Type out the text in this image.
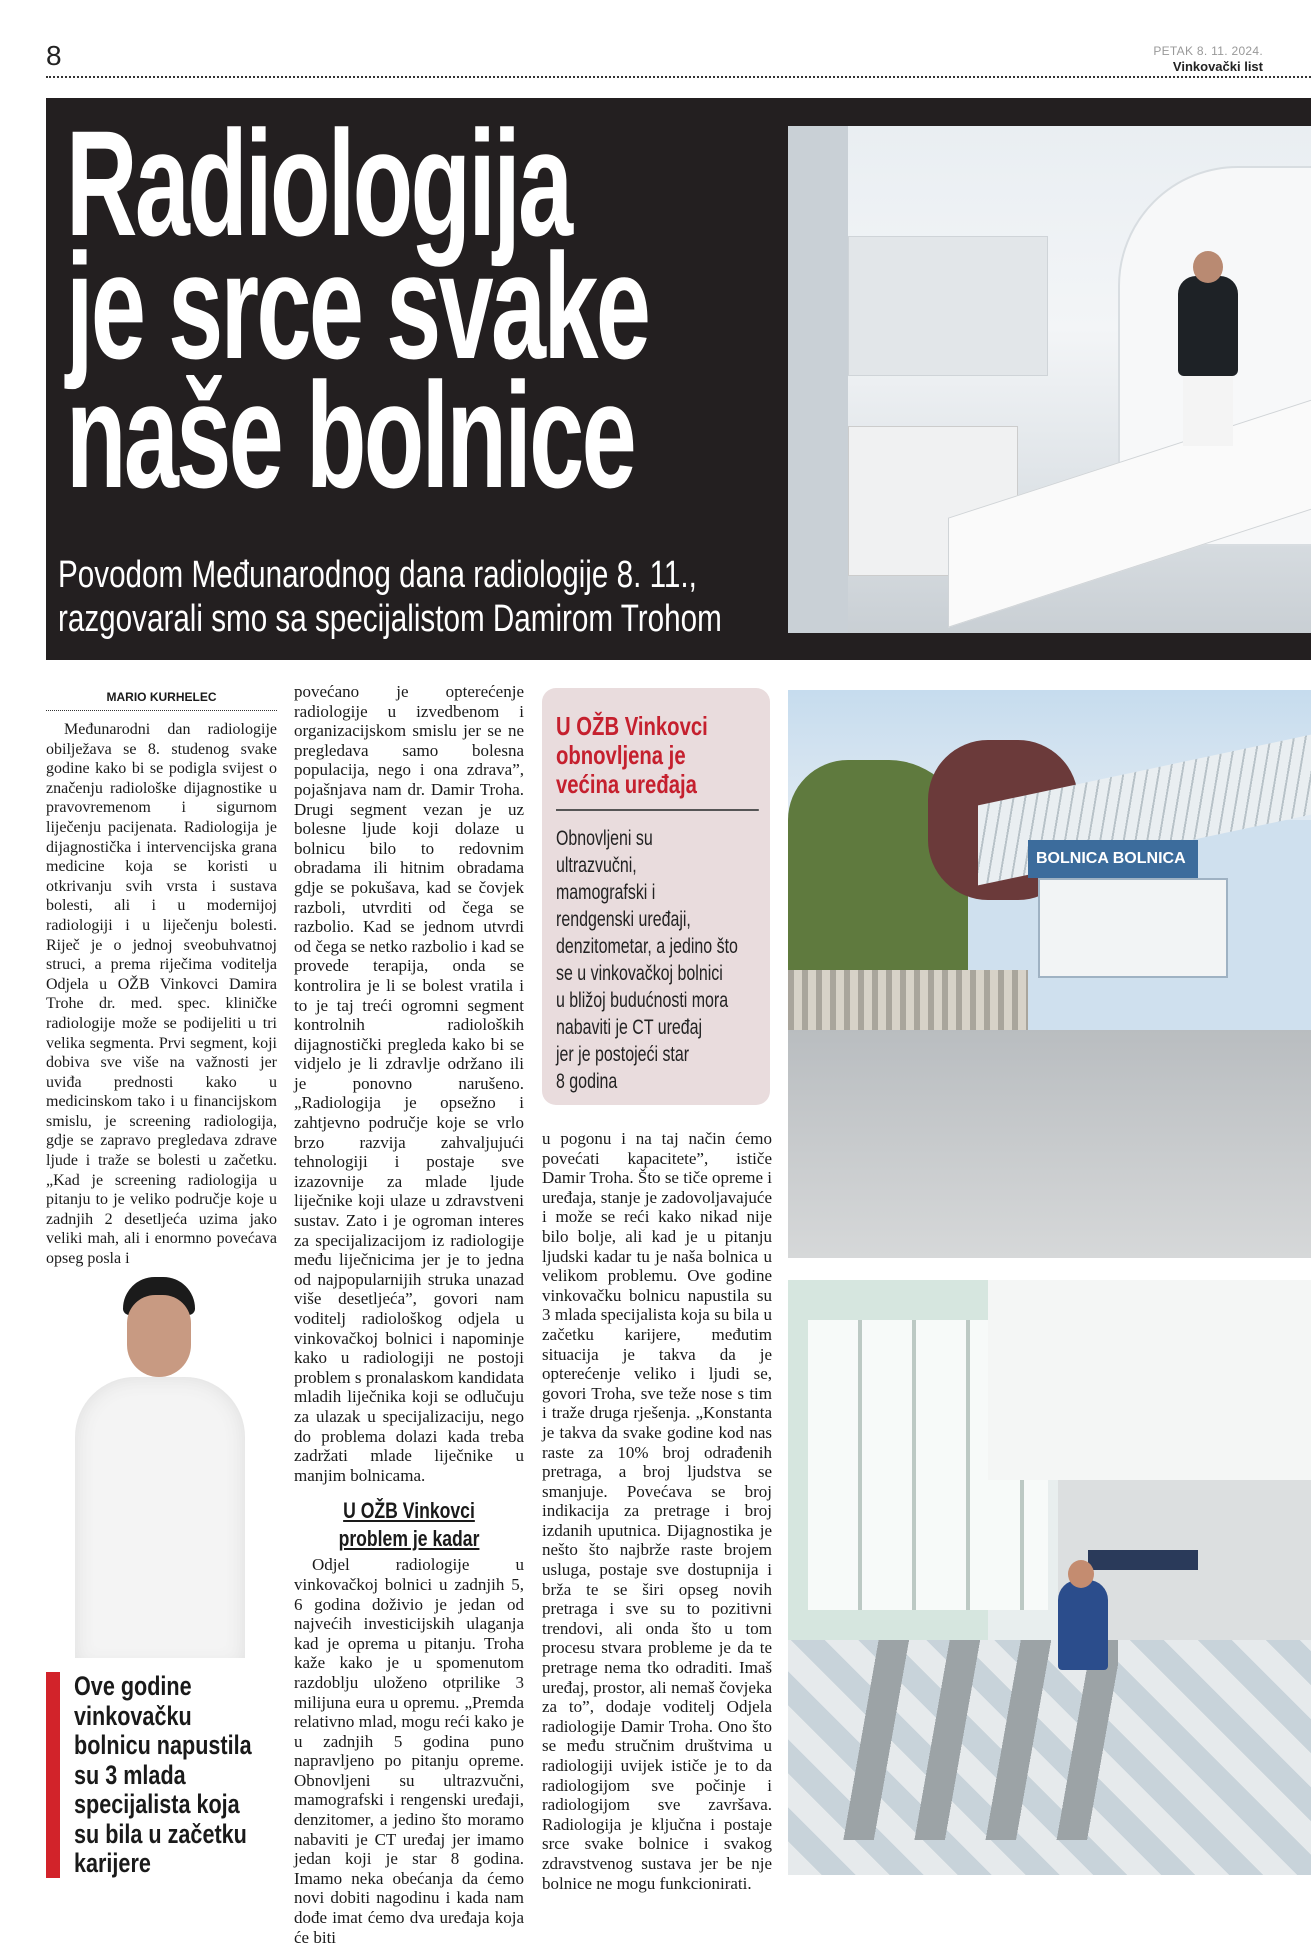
8	PETAK 8. 11. 2024.
Vinkovački list
Radiologija
je srce svake
naše bolnice
Povodom Međunarodnog dana radiologije 8. 11.,
razgovarali smo sa specijalistom Damirom Trohom
MARIO KURHELEC

Međunarodni dan radiologije obilježava se 8. studenog svake godine kako bi se podigla svijest o značenju radiološke dijagnostike u pravovremenom i sigurnom liječenju pacijenata. Radiologija je dijagnostička i intervencijska grana medicine koja se koristi u otkrivanju svih vrsta i sustava bolesti, ali i u modernijoj radiologiji i u liječenju bolesti. Riječ je o jednoj sveobuhvatnoj struci, a prema riječima voditelja Odjela u OŽB Vinkovci Damira Trohe dr. med. spec. kliničke radiologije može se podijeliti u tri velika segmenta. Prvi segment, koji dobiva sve više na važnosti jer uviđa prednosti kako u medicinskom tako i u financijskom smislu, je screening radiologija, gdje se zapravo pregledava zdrave ljude i traže se bolesti u začetku. „Kad je screening radiologija u pitanju to je veliko područje koje u zadnjih 2 desetljeća uzima jako veliki mah, ali i enormno povećava opseg posla i

Ove godine
vinkovačku
bolnicu napustila
su 3 mlada
specijalista koja
su bila u začetku
karijere

povećano je opterećenje radiologije u izvedbenom i organizacijskom smislu jer se ne pregledava samo bolesna populacija, nego i ona zdrava”, pojašnjava nam dr. Damir Troha. Drugi segment vezan je uz bolesne ljude koji dolaze u bolnicu bilo to redovnim obradama ili hitnim obradama gdje se pokušava, kad se čovjek razboli, utvrditi od čega se razbolio. Kad se jednom utvrdi od čega se netko razbolio i kad se provede terapija, onda se kontrolira je li se bolest vratila i to je taj treći ogromni segment kontrolnih radioloških dijagnostički pregleda kako bi se vidjelo je li zdravlje održano ili je ponovno narušeno. „Radiologija je opsežno i zahtjevno područje koje se vrlo brzo razvija zahvaljujući tehnologiji i postaje sve izazovnije za mlade ljude liječnike koji ulaze u zdravstveni sustav. Zato i je ogroman interes za specijalizacijom iz radiologije među liječnicima jer je to jedna od najpopularnijih struka unazad više desetljeća”, govori nam voditelj radiološkog odjela u vinkovačkoj bolnici i napominje kako u radiologiji ne postoji problem s pronalaskom kandidata mladih liječnika koji se odlučuju za ulazak u specijalizaciju, nego do problema dolazi kada treba zadržati mlade liječnike u manjim bolnicama.

U OŽB Vinkovci
problem je kadar

Odjel radiologije u vinkovačkoj bolnici u zadnjih 5, 6 godina doživio je jedan od najvećih investicijskih ulaganja kad je oprema u pitanju. Troha kaže kako je u spomenutom razdoblju uloženo otprilike 3 milijuna eura u opremu. „Premda relativno mlad, mogu reći kako je u zadnjih 5 godina puno napravljeno po pitanju opreme. Obnovljeni su ultrazvučni, mamografski i rengenski uređaji, denzitomer, a jedino što moramo nabaviti je CT uređaj jer imamo jedan koji je star 8 godina. Imamo neka obećanja da ćemo novi dobiti nagodinu i kada nam dođe imat ćemo dva uređaja koja će biti

U OŽB Vinkovci
obnovljena je
većina uređaja
Obnovljeni su
ultrazvučni,
mamografski i
rendgenski uređaji,
denzitometar, a jedino što
se u vinkovačkoj bolnici
u bližoj budućnosti mora
nabaviti je CT uređaj
jer je postojeći star
8 godina

u pogonu i na taj način ćemo povećati kapacitete”, ističe Damir Troha. Što se tiče opreme i uređaja, stanje je zadovoljavajuće i može se reći kako nikad nije bilo bolje, ali kad je u pitanju ljudski kadar tu je naša bolnica u velikom problemu. Ove godine vinkovačku bolnicu napustila su 3 mlada specijalista koja su bila u začetku karijere, međutim situacija je takva da je opterećenje veliko i ljudi se, govori Troha, sve teže nose s tim i traže druga rješenja. „Konstanta je takva da svake godine kod nas raste za 10% broj odrađenih pretraga, a broj ljudstva se smanjuje. Povećava se broj indikacija za pretrage i broj izdanih uputnica. Dijagnostika je nešto što najbrže raste brojem usluga, postaje sve dostupnija i brža te se širi opseg novih pretraga i sve su to pozitivni trendovi, ali onda što u tom procesu stvara probleme je da te pretrage nema tko odraditi. Imaš uređaj, prostor, ali nemaš čovjeka za to”, dodaje voditelj Odjela radiologije Damir Troha. Ono što se među stručnim društvima u radiologiji uvijek ističe je to da radiologijom sve počinje i radiologijom sve završava. Radiologija je ključna i postaje srce svake bolnice i svakog zdravstvenog sustava jer be nje bolnice ne mogu funkcionirati.

BOLNICA BOLNICA
